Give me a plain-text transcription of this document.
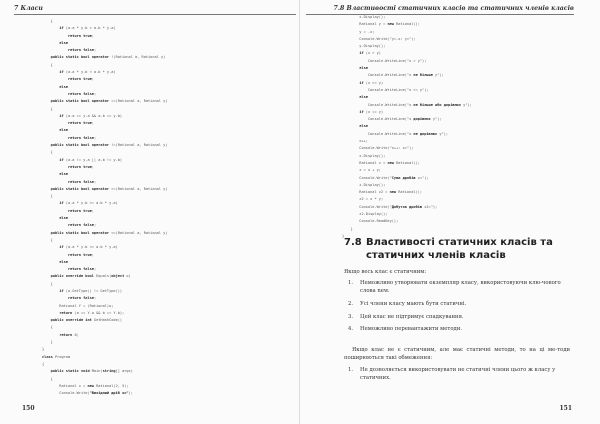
7 Класи
{
if (a.a * y.b > a.b * y.a)
return true;
else
return false;
public static bool operator !(Rational a, Rational y)
{
if (a.a * y.b < a.b * y.a)
return true;
else
return false;
public static bool operator ==(Rational a, Rational y)
{
if (a.a == y.a && a.b == y.b)
return true;
else
return false;
public static bool operator !=(Rational a, Rational y)
{
if (a.a != y.a || a.b != y.b)
return true;
else
return false;
public static bool operator >=(Rational a, Rational y)
{
if (a.a * y.b >= a.b * y.a)
return true;
else
return false;
public static bool operator <=(Rational a, Rational y)
{
if (a.a * y.b <= a.b * y.a)
return true;
else
return false;
public override bool Equals(object o)
{
if (o.GetType() != GetType())
return false;
Rational Y = (Rational)o;
return (a == Y.a && b == Y.b);
public override int GetHashCode()
{
return 0;
}
}
class Program
{
public static void Main(string[] args)
{
Rational x = new Rational(2, 5);
Console.Write("Вихідний дріб x=");
150
7.8 Властивості статичних класів та статичних членів класів
x.Display();
Rational y = new Rational();
y = -x;
Console.Write("y=-x: y=");
y.Display();
if (x > y)
Console.WriteLine("x > y");
else
Console.WriteLine("x не більше y");
if (x >= y)
Console.WriteLine("x >= y");
else
Console.WriteLine("x не більше або дорівнює y");
if (x == y)
Console.WriteLine("x дорівнює y");
else
Console.WriteLine("x не дорівнює y");
x++;
Console.Write("x++: x=");
x.Display();
Rational z = new Rational();
z = x + y;
Console.Write("Сума дробів z=");
z.Display();
Rational z2 = new Rational();
z2 = x * y;
Console.Write("Добуток дробів z2=");
z2.Display();
Console.ReadKey();
}
}
7.8 Властивості статичних класів та
статичних членів класів
Якщо весь клас є статичним:
1. Неможливо утворювати екземпляр класу, використовуючи клю-чового слова new.
2. Усі члени класу мають бути статичні.
3. Цей клас не підтримує спадкування.
4. Неможливо перевантажити методи.
Якщо клас не є статичним, але має статичні методи, то на ці ме-тоди поширюються такі обмеження:
1. Не дозволяється використовувати не статичні члени цього ж класу у статичних.
151
